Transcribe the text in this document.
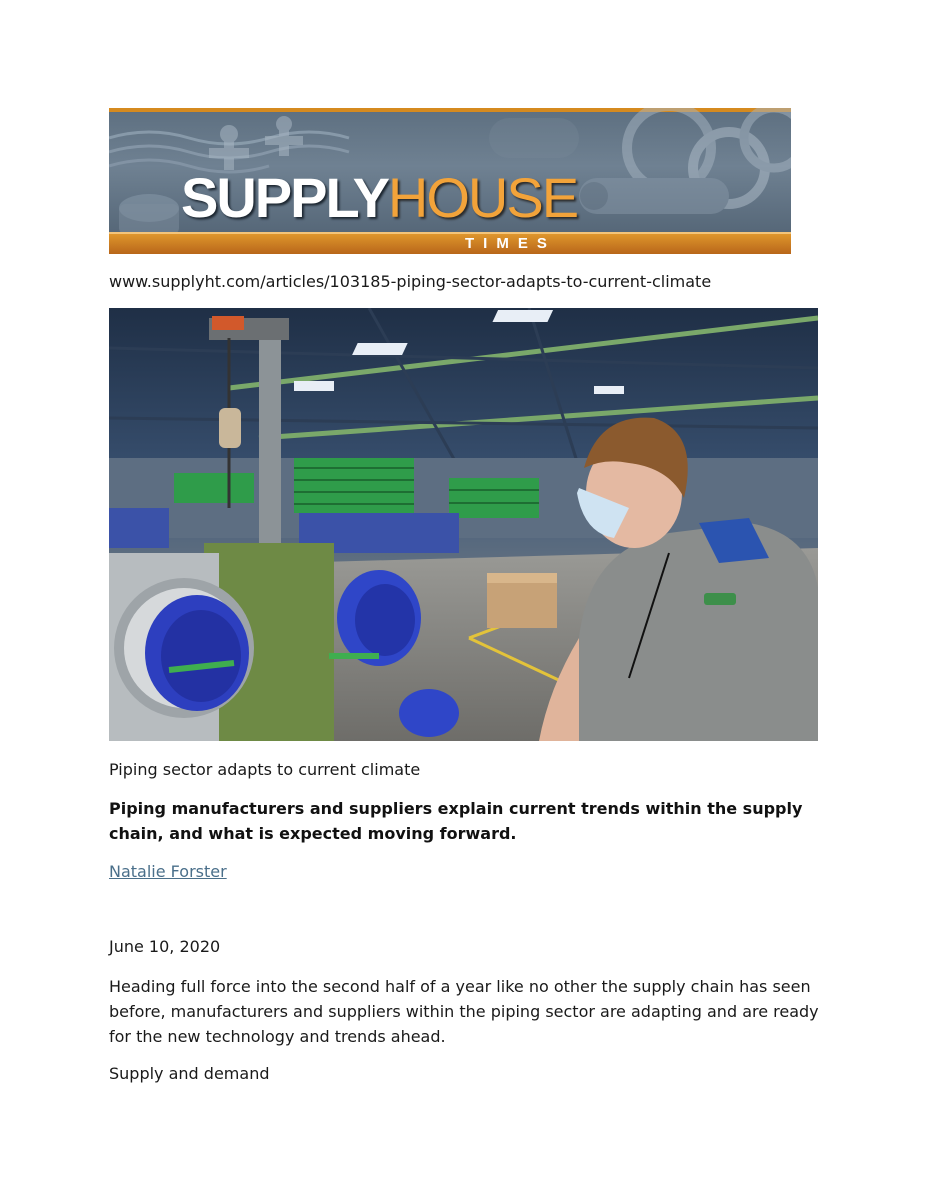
SUPPLYHOUSE
TIMES
www.supplyht.com/articles/103185-piping-sector-adapts-to-current-climate
Piping sector adapts to current climate
Piping manufacturers and suppliers explain current trends within the supply chain, and what is expected moving forward.
Natalie Forster
June 10, 2020
Heading full force into the second half of a year like no other the supply chain has seen before, manufacturers and suppliers within the piping sector are adapting and are ready for the new technology and trends ahead.
Supply and demand
